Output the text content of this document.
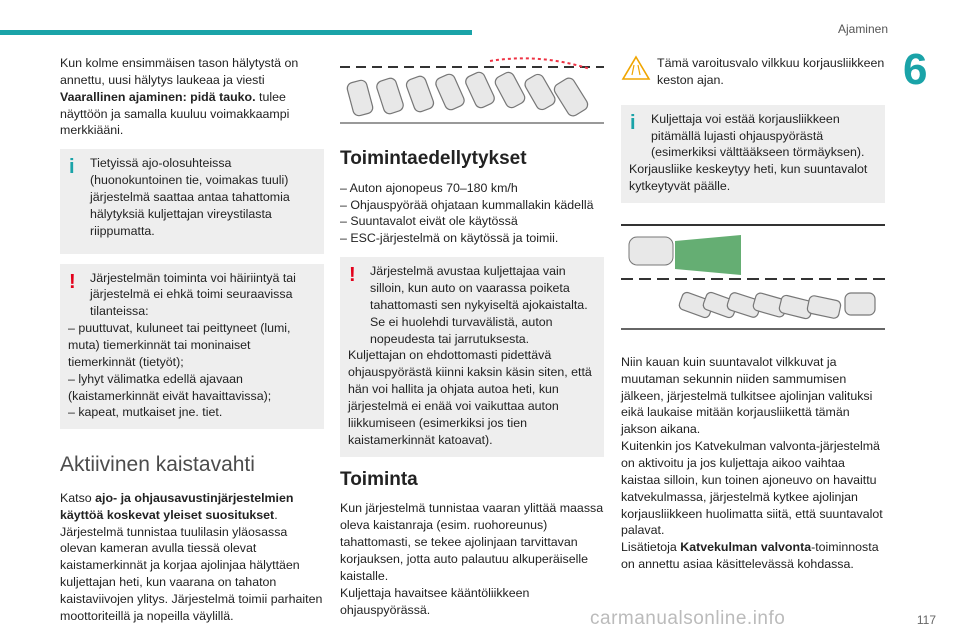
Ajaminen
6

Kun kolme ensimmäisen tason hälytystä on annettu, uusi hälytys laukeaa ja viesti Vaarallinen ajaminen: pidä tauko. tulee näyttöön ja samalla kuuluu voimakkaampi merkkiääni.

i	Tietyissä ajo-olosuhteissa (huonokuntoinen tie, voimakas tuuli) järjestelmä saattaa antaa tahattomia hälytyksiä kuljettajan vireystilasta riippumatta.

!	Järjestelmän toiminta voi häiriintyä tai järjestelmä ei ehkä toimi seuraavissa tilanteissa:

– puuttuvat, kuluneet tai peittyneet (lumi, muta) tiemerkinnät tai moninaiset tiemerkinnät (tietyöt);

– lyhyt välimatka edellä ajavaan (kaistamerkinnät eivät havaittavissa);

– kapeat, mutkaiset jne. tiet.

Aktiivinen kaistavahti

Katso ajo- ja ohjausavustinjärjestelmien käyttöä koskevat yleiset suositukset. Järjestelmä tunnistaa tuulilasin yläosassa olevan kameran avulla tiessä olevat kaistamerkinnät ja korjaa ajolinjaa hälyttäen kuljettajan heti, kun vaarana on tahaton kaistaviivojen ylitys. Järjestelmä toimii parhaiten moottoriteillä ja nopeilla väylillä.

Toimintaedellytykset

– Auton ajonopeus 70–180 km/h

– Ohjauspyörää ohjataan kummallakin kädellä

– Suuntavalot eivät ole käytössä

– ESC-järjestelmä on käytössä ja toimii.

!	Järjestelmä avustaa kuljettajaa vain silloin, kun auto on vaarassa poiketa tahattomasti sen nykyiseltä ajokaistalta. Se ei huolehdi turvavälistä, auton nopeudesta tai jarrutuksesta.

Kuljettajan on ehdottomasti pidettävä ohjauspyörästä kiinni kaksin käsin siten, että hän voi hallita ja ohjata autoa heti, kun järjestelmä ei enää voi vaikuttaa auton liikkumiseen (esimerkiksi jos tien kaistamerkinnät katoavat).

Toiminta

Kun järjestelmä tunnistaa vaaran ylittää maassa oleva kaistanraja (esim. ruohoreunus) tahattomasti, se tekee ajolinjaan tarvittavan korjauksen, jotta auto palautuu alkuperäiselle kaistalle.

Kuljettaja havaitsee kääntöliikkeen ohjauspyörässä.

Tämä varoitusvalo vilkkuu korjausliikkeen keston ajan.

i	Kuljettaja voi estää korjausliikkeen pitämällä lujasti ohjauspyörästä (esimerkiksi välttääkseen törmäyksen).

Korjausliike keskeytyy heti, kun suuntavalot kytkeytyvät päälle.

Niin kauan kuin suuntavalot vilkkuvat ja muutaman sekunnin niiden sammumisen jälkeen, järjestelmä tulkitsee ajolinjan valituksi eikä laukaise mitään korjausliikettä tämän jakson aikana.

Kuitenkin jos Katvekulman valvonta-järjestelmä on aktivoitu ja jos kuljettaja aikoo vaihtaa kaistaa silloin, kun toinen ajoneuvo on havaittu katvekulmassa, järjestelmä kytkee ajolinjan korjausliikkeen huolimatta siitä, että suuntavalot palavat.

Lisätietoja Katvekulman valvonta-toiminnosta on annettu asiaa käsittelevässä kohdassa.

carmanualsonline.info	117
